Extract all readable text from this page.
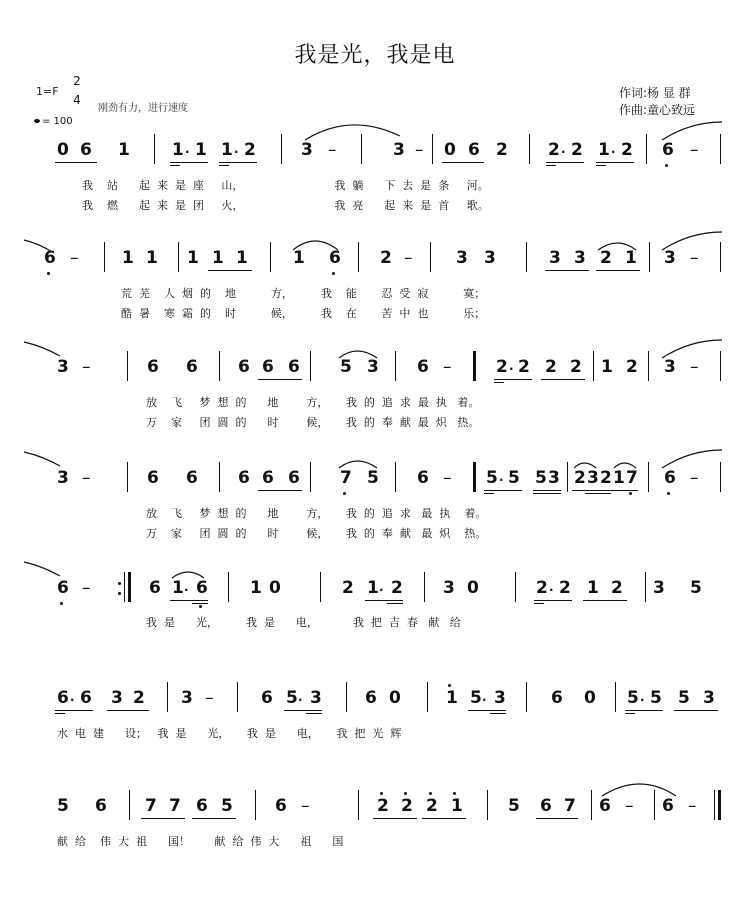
我是光，我是电
1=F
2
4
= 100
刚劲有力，进行速度
作词:杨 显 群
作曲:童心致远
0 6 1 1 · 1 1 · 2	3 –	3 – 0 6 2 2 · 2 1 · 2 6 –
我    站      起  来  是  座     山，                          我  躺      下  去  是  条     河。
我    燃      起  来  是  团     火，                          我  亮      起  来  是  首     歌。
6 –	1 1 1 1 1	1 6 2 –	3 3	3 3 2 1 3 –
荒  芜    人  烟  的    地          方，        我    能       忍  受  寂          寞；
酷  暑    寒  霜  的    时          候，        我    在       苦  中  也          乐；
3 –	6 6 6 6 6 5 3 6 –	2 · 2 2 2 1 2 3 –
放    飞     梦  想  的      地        方，     我  的  追  求  最  执   着。
万    家     团  圆  的      时        候，     我  的  奉  献  最  炽   热。
3 –	6 6 6 6 6 7 5 6 – 5 · 5 5 3 2 3 2 1 7 6 –
放    飞     梦  想  的      地        方，     我  的  追  求   最  执    着。
万    家     团  圆  的      时        候，     我  的  奉  献   最  炽    热。
6 –	6 1 · 6 1 0	2 1 · 2 3 0	2 · 2 1 2 3 5
我  是      光，        我  是      电，          我  把  吉  春   献   给
6 · 6 3 2 3 –	6 5 · 3	6 0	1 5 · 3	6 0 5 · 5 5 3
水  电  建      设；   我  是      光，     我  是      电，     我  把  光  辉
5 6 7 7 6 5 6 –	2 2 2 1	5 6 7 6 – 6 –
献  给    伟  大  祖      国！       献  给  伟  大      祖      国
